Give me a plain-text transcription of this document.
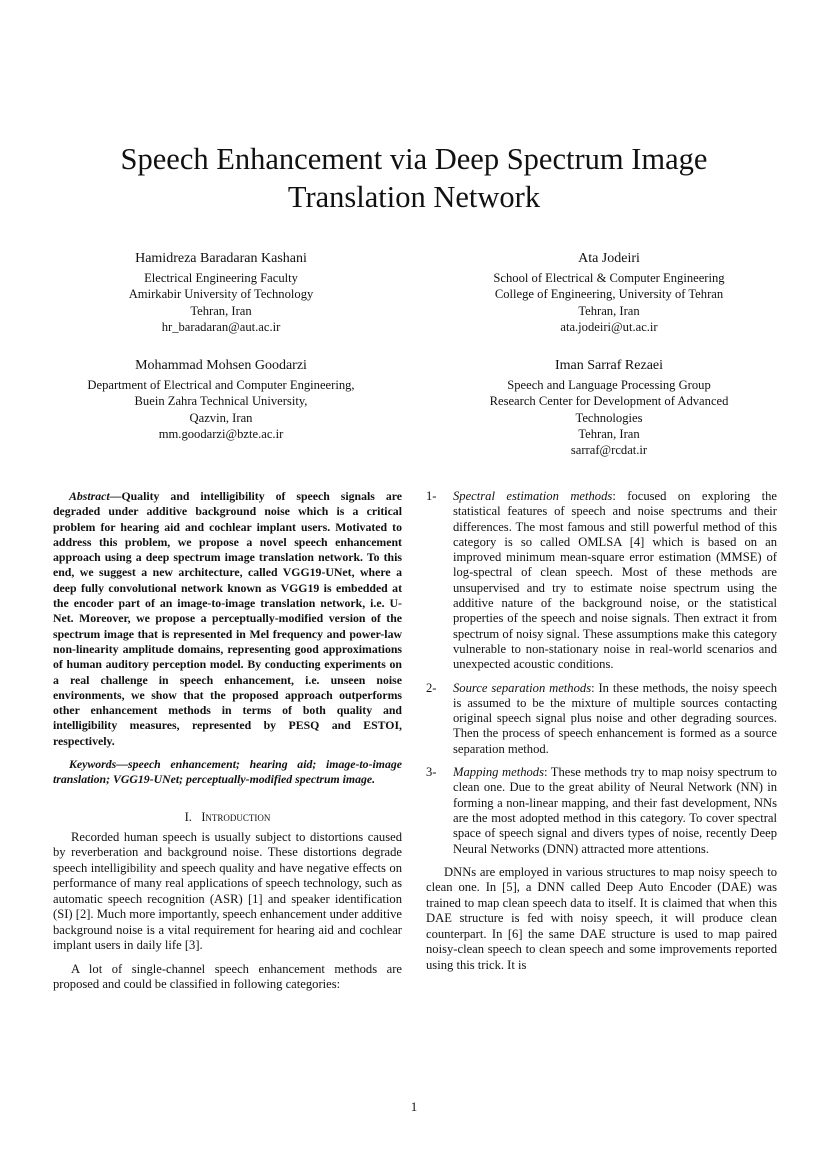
Speech Enhancement via Deep Spectrum Image
Translation Network
Hamidreza Baradaran Kashani
Electrical Engineering Faculty
Amirkabir University of Technology
Tehran, Iran
hr_baradaran@aut.ac.ir
Ata Jodeiri
School of Electrical & Computer Engineering
College of Engineering, University of Tehran
Tehran, Iran
ata.jodeiri@ut.ac.ir
Mohammad Mohsen Goodarzi
Department of Electrical and Computer Engineering,
Buein Zahra Technical University,
Qazvin, Iran
mm.goodarzi@bzte.ac.ir
Iman Sarraf Rezaei
Speech and Language Processing Group
Research Center for Development of Advanced
Technologies
Tehran, Iran
sarraf@rcdat.ir

Abstract—Quality and intelligibility of speech signals are degraded under additive background noise which is a critical problem for hearing aid and cochlear implant users. Motivated to address this problem, we propose a novel speech enhancement approach using a deep spectrum image translation network. To this end, we suggest a new architecture, called VGG19-UNet, where a deep fully convolutional network known as VGG19 is embedded at the encoder part of an image-to-image translation network, i.e. U-Net. Moreover, we propose a perceptually-modified version of the spectrum image that is represented in Mel frequency and power-law non-linearity amplitude domains, representing good approximations of human auditory perception model. By conducting experiments on a real challenge in speech enhancement, i.e. unseen noise environments, we show that the proposed approach outperforms other enhancement methods in terms of both quality and intelligibility measures, represented by PESQ and ESTOI, respectively.

Keywords—speech enhancement; hearing aid; image-to-image translation; VGG19-UNet; perceptually-modified spectrum image.

I. Introduction

Recorded human speech is usually subject to distortions caused by reverberation and background noise. These distortions degrade speech intelligibility and speech quality and have negative effects on performance of many real applications of speech technology, such as automatic speech recognition (ASR) [1] and speaker identification (SI) [2]. Much more importantly, speech enhancement under additive background noise is a vital requirement for hearing aid and cochlear implant users in daily life [3].

A lot of single-channel speech enhancement methods are proposed and could be classified in following categories:

1- Spectral estimation methods: focused on exploring the statistical features of speech and noise spectrums and their differences. The most famous and still powerful method of this category is so called OMLSA [4] which is based on an improved minimum mean-square error estimation (MMSE) of log-spectral of clean speech. Most of these methods are unsupervised and try to estimate noise spectrum using the additive nature of the background noise, or the statistical properties of the speech and noise signals. Then extract it from spectrum of noisy signal. These assumptions make this category vulnerable to non-stationary noise in real-world scenarios and unexpected acoustic conditions.
2- Source separation methods: In these methods, the noisy speech is assumed to be the mixture of multiple sources contacting original speech signal plus noise and other degrading sources. Then the process of speech enhancement is formed as a source separation method.
3- Mapping methods: These methods try to map noisy spectrum to clean one. Due to the great ability of Neural Network (NN) in forming a non-linear mapping, and their fast development, NNs are the most adopted method in this category. To cover spectral space of speech signal and divers types of noise, recently Deep Neural Networks (DNN) attracted more attentions.

DNNs are employed in various structures to map noisy speech to clean one. In [5], a DNN called Deep Auto Encoder (DAE) was trained to map clean speech data to itself. It is claimed that when this DAE structure is fed with noisy speech, it will produce clean counterpart. In [6] the same DAE structure is used to map paired noisy-clean speech to clean speech and some improvements reported using this trick. It is

1
